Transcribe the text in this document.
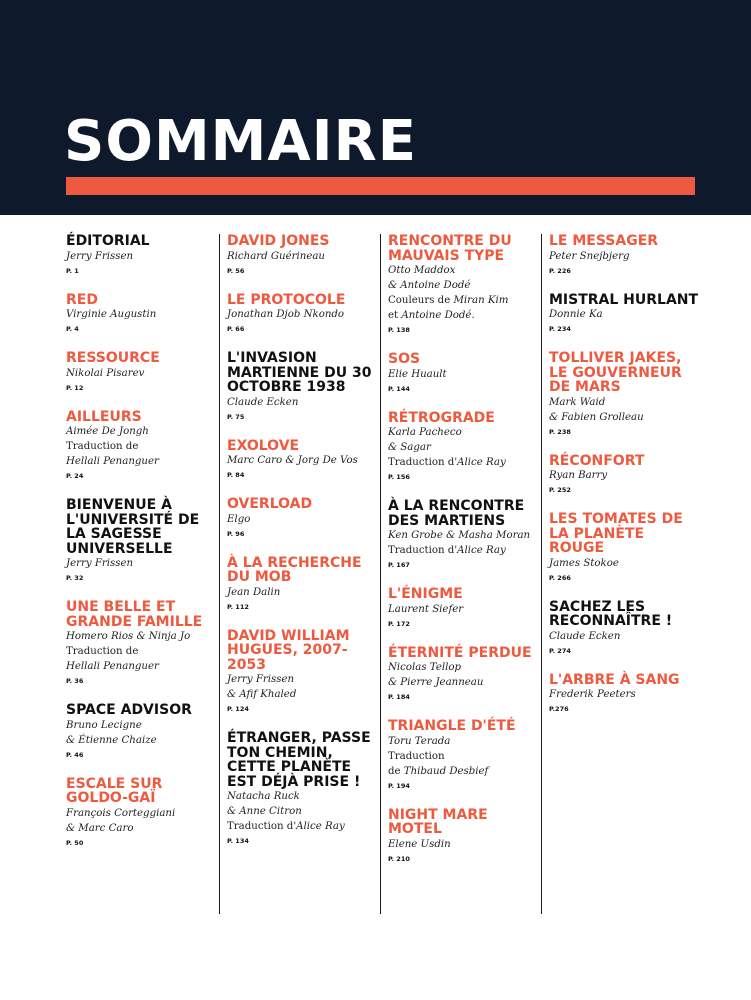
SOMMAIRE
ÉDITORIAL
Jerry Frissen
P. 1
RED
Virginie Augustin
P. 4
RESSOURCE
Nikolai Pisarev
P. 12
AILLEURS
Aimée De Jongh
Traduction de
Hellali Penanguer
P. 24
BIENVENUE À L'UNIVERSITÉ DE LA SAGESSE UNIVERSELLE
Jerry Frissen
P. 32
UNE BELLE ET GRANDE FAMILLE
Homero Rios & Ninja Jo
Traduction de
Hellali Penanguer
P. 36
SPACE ADVISOR
Bruno Lecigne
& Étienne Chaize
P. 46
ESCALE SUR GOLDO-GAÏ
François Corteggiani
& Marc Caro
P. 50
DAVID JONES
Richard Guérineau
P. 56
LE PROTOCOLE
Jonathan Djob Nkondo
P. 66
L'INVASION MARTIENNE DU 30 OCTOBRE 1938
Claude Ecken
P. 75
EXOLOVE
Marc Caro & Jorg De Vos
P. 84
OVERLOAD
Elgo
P. 96
À LA RECHERCHE DU MOB
Jean Dalin
P. 112
DAVID WILLIAM HUGUES, 2007-2053
Jerry Frissen
& Afif Khaled
P. 124
ÉTRANGER, PASSE TON CHEMIN, CETTE PLANÈTE EST DÉJÀ PRISE !
Natacha Ruck
& Anne Citron
Traduction d'Alice Ray
P. 134
RENCONTRE DU MAUVAIS TYPE
Otto Maddox
& Antoine Dodé
Couleurs de Miran Kim
et Antoine Dodé.
P. 138
SOS
Elie Huault
P. 144
RÉTROGRADE
Karla Pacheco
& Sagar
Traduction d'Alice Ray
P. 156
À LA RENCONTRE DES MARTIENS
Ken Grobe & Masha Moran
Traduction d'Alice Ray
P. 167
L'ÉNIGME
Laurent Siefer
P. 172
ÉTERNITÉ PERDUE
Nicolas Tellop
& Pierre Jeanneau
P. 184
TRIANGLE D'ÉTÉ
Toru Terada
Traduction
de Thibaud Desbief
P. 194
NIGHT MARE MOTEL
Elene Usdin
P. 210
LE MESSAGER
Peter Snejbjerg
P. 226
MISTRAL HURLANT
Donnie Ka
P. 234
TOLLIVER JAKES, LE GOUVERNEUR DE MARS
Mark Waid
& Fabien Grolleau
P. 238
RÉCONFORT
Ryan Barry
P. 252
LES TOMATES DE LA PLANÈTE ROUGE
James Stokoe
P. 266
SACHEZ LES RECONNAÎTRE !
Claude Ecken
P. 274
L'ARBRE À SANG
Frederik Peeters
P.276
